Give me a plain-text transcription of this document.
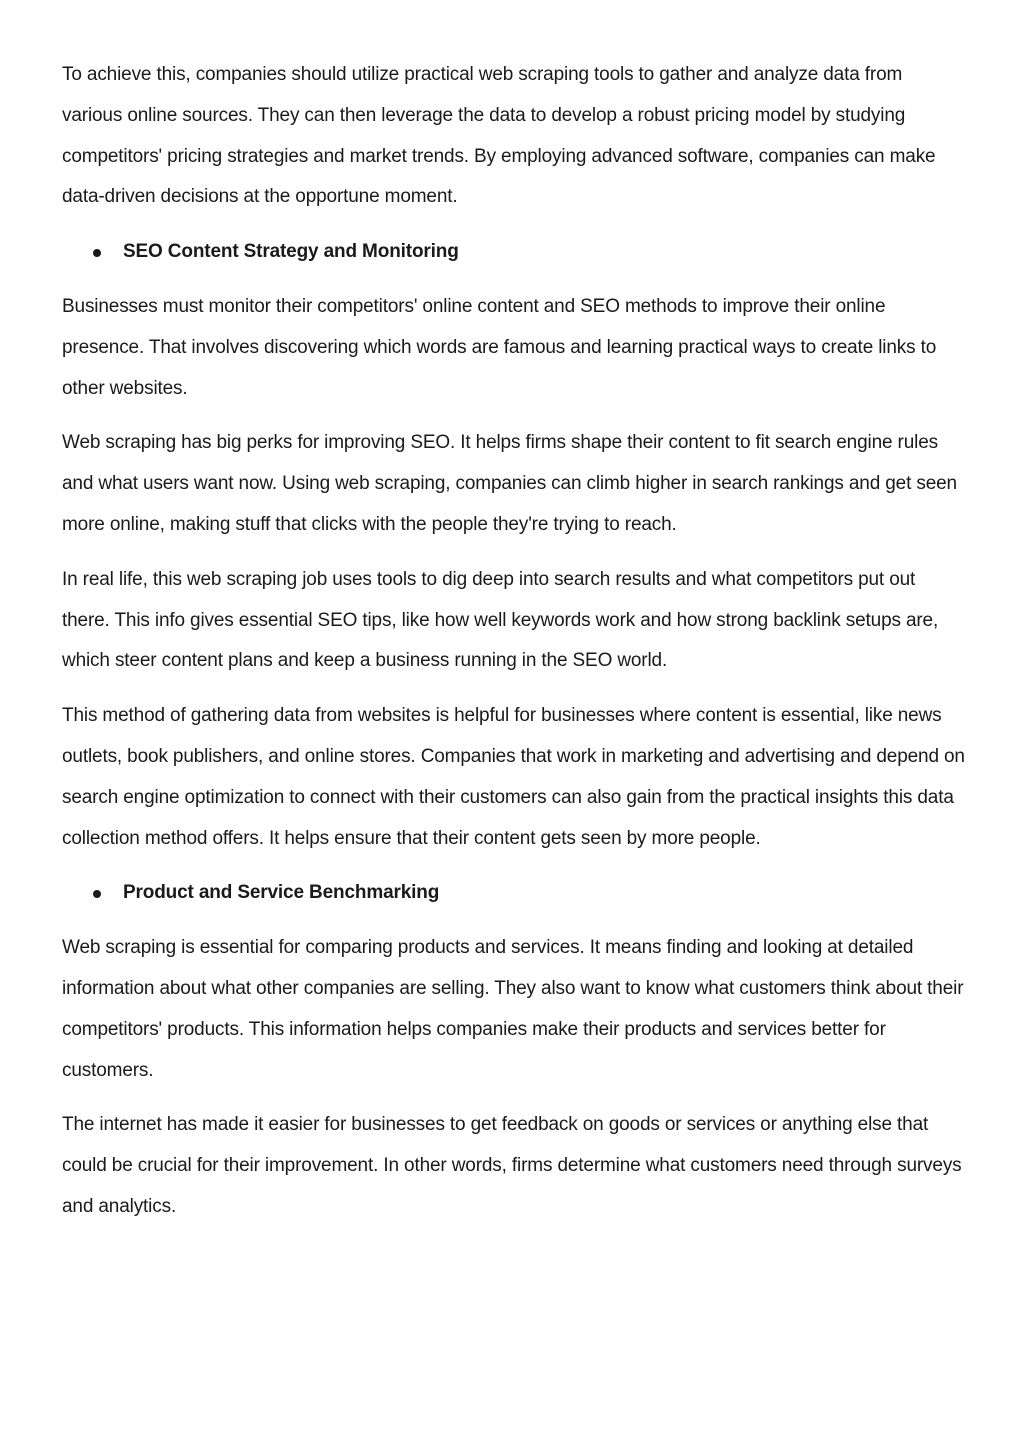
To achieve this, companies should utilize practical web scraping tools to gather and analyze data from various online sources. They can then leverage the data to develop a robust pricing model by studying competitors' pricing strategies and market trends. By employing advanced software, companies can make data-driven decisions at the opportune moment.

SEO Content Strategy and Monitoring

Businesses must monitor their competitors' online content and SEO methods to improve their online presence. That involves discovering which words are famous and learning practical ways to create links to other websites.

Web scraping has big perks for improving SEO. It helps firms shape their content to fit search engine rules and what users want now. Using web scraping, companies can climb higher in search rankings and get seen more online, making stuff that clicks with the people they're trying to reach.

In real life, this web scraping job uses tools to dig deep into search results and what competitors put out there. This info gives essential SEO tips, like how well keywords work and how strong backlink setups are, which steer content plans and keep a business running in the SEO world.

This method of gathering data from websites is helpful for businesses where content is essential, like news outlets, book publishers, and online stores. Companies that work in marketing and advertising and depend on search engine optimization to connect with their customers can also gain from the practical insights this data collection method offers. It helps ensure that their content gets seen by more people.

Product and Service Benchmarking

Web scraping is essential for comparing products and services. It means finding and looking at detailed information about what other companies are selling. They also want to know what customers think about their competitors' products. This information helps companies make their products and services better for customers.

The internet has made it easier for businesses to get feedback on goods or services or anything else that could be crucial for their improvement. In other words, firms determine what customers need through surveys and analytics.
